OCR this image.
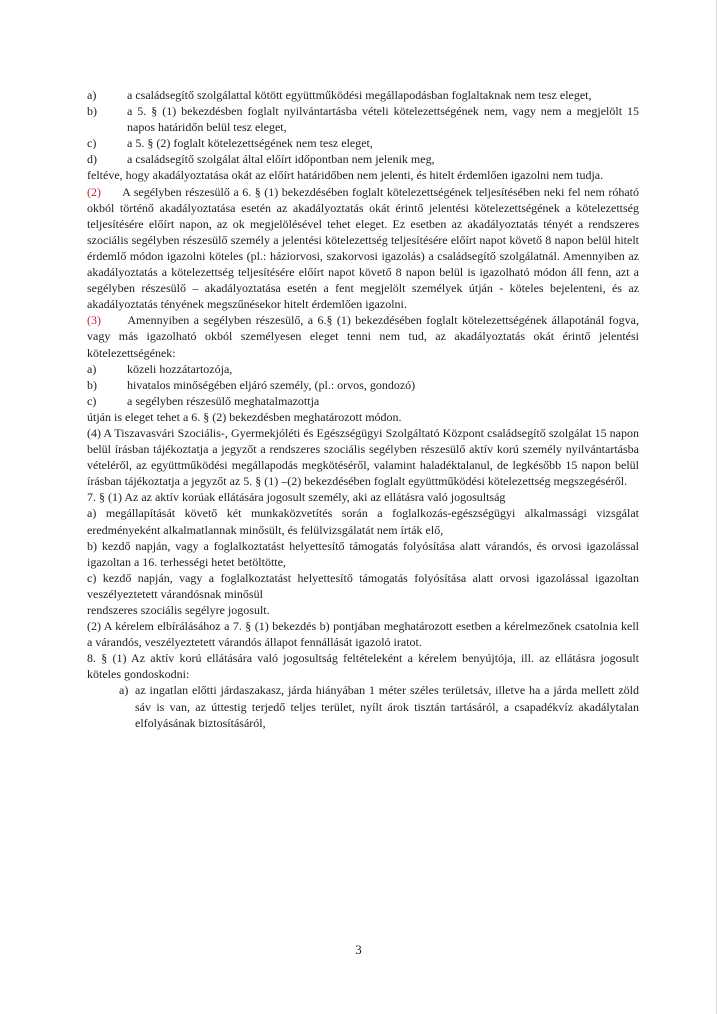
a)	a családsegítő szolgálattal kötött együttműködési megállapodásban foglaltaknak nem tesz eleget,
b)	a 5. § (1) bekezdésben foglalt nyilvántartásba vételi kötelezettségének nem, vagy nem a megjelölt 15 napos határidőn belül tesz eleget,
c)	a 5. § (2) foglalt kötelezettségének nem tesz eleget,
d)	a családsegítő szolgálat által előírt időpontban nem jelenik meg,

feltéve, hogy akadályoztatása okát az előírt határidőben nem jelenti, és hitelt érdemlően igazolni nem tudja.

(2) A segélyben részesülő a 6. § (1) bekezdésében foglalt kötelezettségének teljesítésében neki fel nem róható okból történő akadályoztatása esetén az akadályoztatás okát érintő jelentési kötelezettségének a kötelezettség teljesítésére előírt napon, az ok megjelölésével tehet eleget. Ez esetben az akadályoztatás tényét a rendszeres szociális segélyben részesülő személy a jelentési kötelezettség teljesítésére előírt napot követő 8 napon belül hitelt érdemlő módon igazolni köteles (pl.: háziorvosi, szakorvosi igazolás) a családsegítő szolgálatnál. Amennyiben az akadályoztatás a kötelezettség teljesítésére előírt napot követő 8 napon belül is igazolható módon áll fenn, azt a segélyben részesülő – akadályoztatása esetén a fent megjelölt személyek útján - köteles bejelenteni, és az akadályoztatás tényének megszűnésekor hitelt érdemlően igazolni.

(3) Amennyiben a segélyben részesülő, a 6.§ (1) bekezdésében foglalt kötelezettségének állapotánál fogva, vagy más igazolható okból személyesen eleget tenni nem tud, az akadályoztatás okát érintő jelentési kötelezettségének:

a)	közeli hozzátartozója,
b)	hivatalos minőségében eljáró személy, (pl.: orvos, gondozó)
c)	a segélyben részesülő meghatalmazottja

útján is eleget tehet a 6. § (2) bekezdésben meghatározott módon.

(4) A Tiszavasvári Szociális-, Gyermekjóléti és Egészségügyi Szolgáltató Központ családsegítő szolgálat 15 napon belül írásban tájékoztatja a jegyzőt a rendszeres szociális segélyben részesülő aktív korú személy nyilvántartásba vételéről, az együttműködési megállapodás megkötéséről, valamint haladéktalanul, de legkésőbb 15 napon belül írásban tájékoztatja a jegyzőt az 5. § (1) –(2) bekezdésében foglalt együttműködési kötelezettség megszegéséről.

7. § (1) Az az aktív korúak ellátására jogosult személy, aki az ellátásra való jogosultság

a) megállapítását követő két munkaközvetítés során a foglalkozás-egészségügyi alkalmassági vizsgálat eredményeként alkalmatlannak minősült, és felülvizsgálatát nem írták elő,

b) kezdő napján, vagy a foglalkoztatást helyettesítő támogatás folyósítása alatt várandós, és orvosi igazolással igazoltan a 16. terhességi hetet betöltötte,

c) kezdő napján, vagy a foglalkoztatást helyettesítő támogatás folyósítása alatt orvosi igazolással igazoltan veszélyeztetett várandósnak minősül

rendszeres szociális segélyre jogosult.

(2) A kérelem elbírálásához a 7. § (1) bekezdés b) pontjában meghatározott esetben a kérelmezőnek csatolnia kell a várandós, veszélyeztetett várandós állapot fennállását igazoló iratot.

8. § (1) Az aktív korú ellátására való jogosultság feltételeként a kérelem benyújtója, ill. az ellátásra jogosult köteles gondoskodni:

a) az ingatlan előtti járdaszakasz, járda hiányában 1 méter széles területsáv, illetve ha a járda mellett zöld sáv is van, az úttestig terjedő teljes terület, nyílt árok tisztán tartásáról, a csapadékvíz akadálytalan elfolyásának biztosításáról,
3
